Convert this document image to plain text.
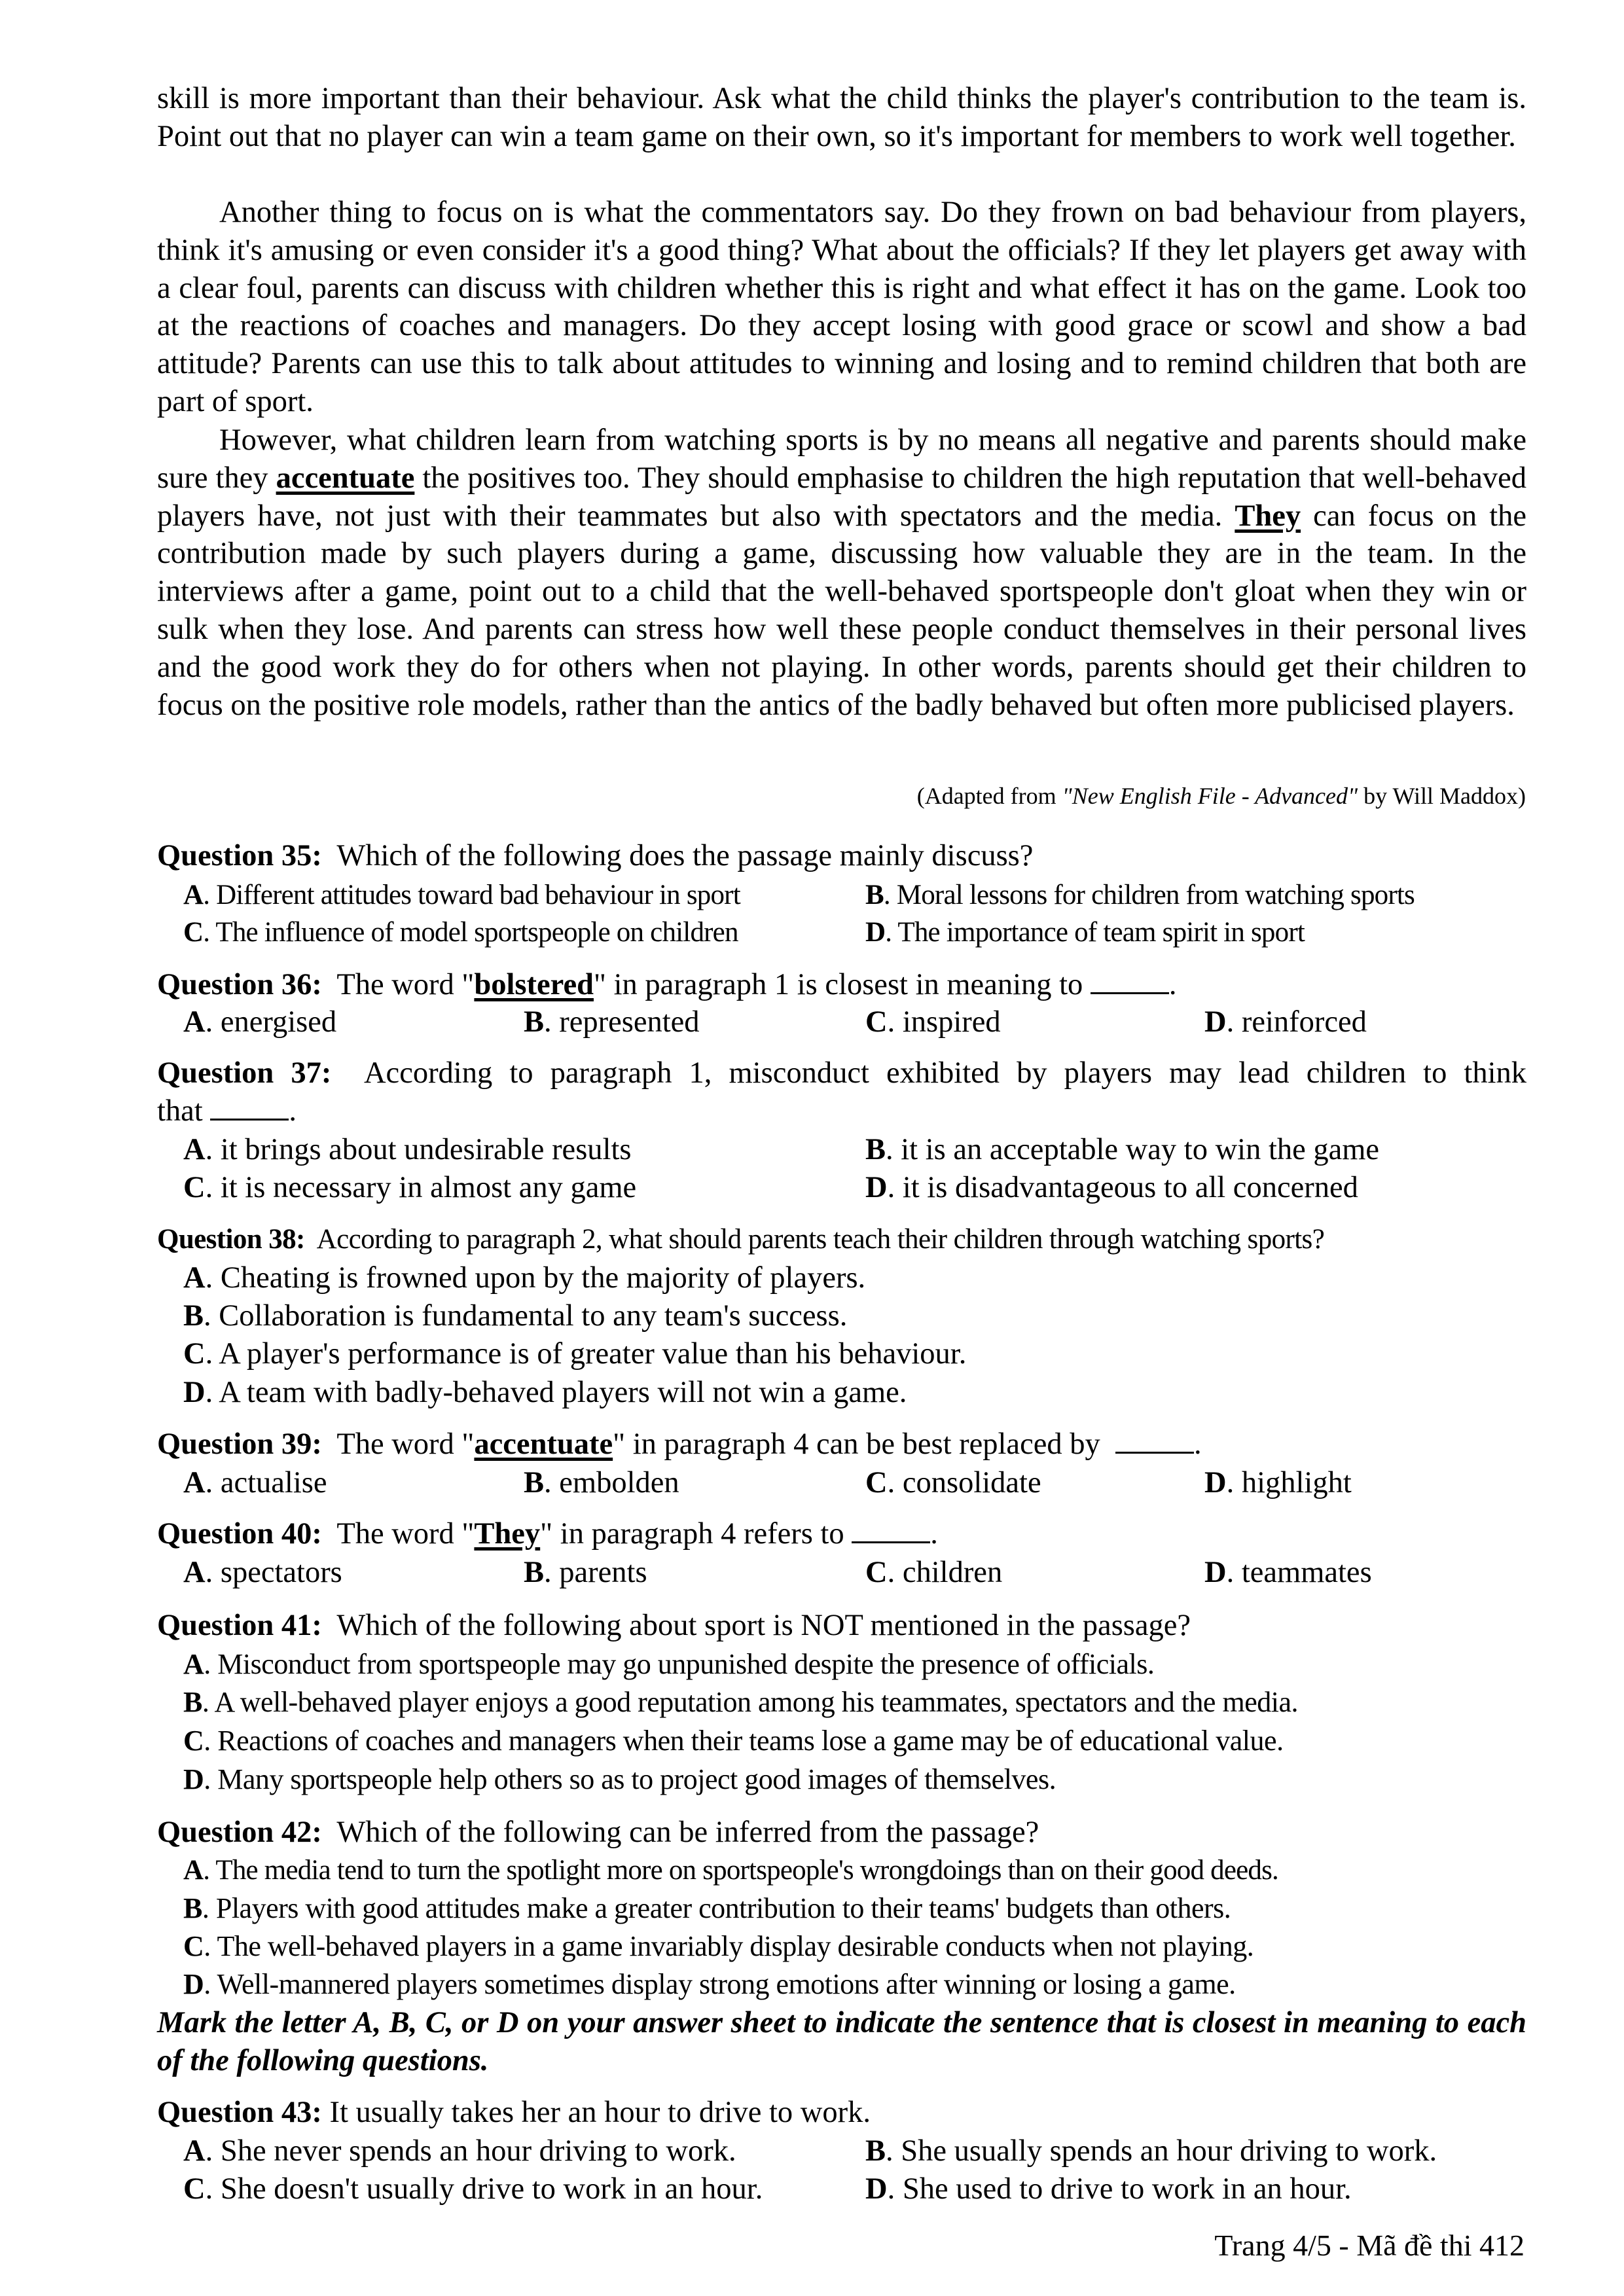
skill is more important than their behaviour. Ask what the child thinks the player's contribution to the team is. Point out that no player can win a team game on their own, so it's important for members to work well together.

Another thing to focus on is what the commentators say. Do they frown on bad behaviour from players, think it's amusing or even consider it's a good thing? What about the officials? If they let players get away with a clear foul, parents can discuss with children whether this is right and what effect it has on the game. Look too at the reactions of coaches and managers. Do they accept losing with good grace or scowl and show a bad attitude? Parents can use this to talk about attitudes to winning and losing and to remind children that both are part of sport.

However, what children learn from watching sports is by no means all negative and parents should make sure they accentuate the positives too. They should emphasise to children the high reputation that well-behaved players have, not just with their teammates but also with spectators and the media. They can focus on the contribution made by such players during a game, discussing how valuable they are in the team. In the interviews after a game, point out to a child that the well-behaved sportspeople don't gloat when they win or sulk when they lose. And parents can stress how well these people conduct themselves in their personal lives and the good work they do for others when not playing. In other words, parents should get their children to focus on the positive role models, rather than the antics of the badly behaved but often more publicised players.

(Adapted from "New English File - Advanced" by Will Maddox)
Question 35: Which of the following does the passage mainly discuss?
A. Different attitudes toward bad behaviour in sport	B. Moral lessons for children from watching sports
C. The influence of model sportspeople on children	D. The importance of team spirit in sport
Question 36: The word "bolstered" in paragraph 1 is closest in meaning to	.
A. energised	B. represented	C. inspired	D. reinforced
Question 37: According to paragraph 1, misconduct exhibited by players may lead children to think
that	.
A. it brings about undesirable results	B. it is an acceptable way to win the game
C. it is necessary in almost any game	D. it is disadvantageous to all concerned
Question 38: According to paragraph 2, what should parents teach their children through watching sports?
A. Cheating is frowned upon by the majority of players.
B. Collaboration is fundamental to any team's success.
C. A player's performance is of greater value than his behaviour.
D. A team with badly-behaved players will not win a game.
Question 39: The word "accentuate" in paragraph 4 can be best replaced by	.
A. actualise	B. embolden	C. consolidate	D. highlight
Question 40: The word "They" in paragraph 4 refers to	.
A. spectators	B. parents	C. children	D. teammates
Question 41: Which of the following about sport is NOT mentioned in the passage?
A. Misconduct from sportspeople may go unpunished despite the presence of officials.
B. A well-behaved player enjoys a good reputation among his teammates, spectators and the media.
C. Reactions of coaches and managers when their teams lose a game may be of educational value.
D. Many sportspeople help others so as to project good images of themselves.
Question 42: Which of the following can be inferred from the passage?
A. The media tend to turn the spotlight more on sportspeople's wrongdoings than on their good deeds.
B. Players with good attitudes make a greater contribution to their teams' budgets than others.
C. The well-behaved players in a game invariably display desirable conducts when not playing.
D. Well-mannered players sometimes display strong emotions after winning or losing a game.
Mark the letter A, B, C, or D on your answer sheet to indicate the sentence that is closest in meaning to each of the following questions.
Question 43: It usually takes her an hour to drive to work.
A. She never spends an hour driving to work.	B. She usually spends an hour driving to work.
C. She doesn't usually drive to work in an hour.	D. She used to drive to work in an hour.
Trang 4/5 - Mã đề thi 412
